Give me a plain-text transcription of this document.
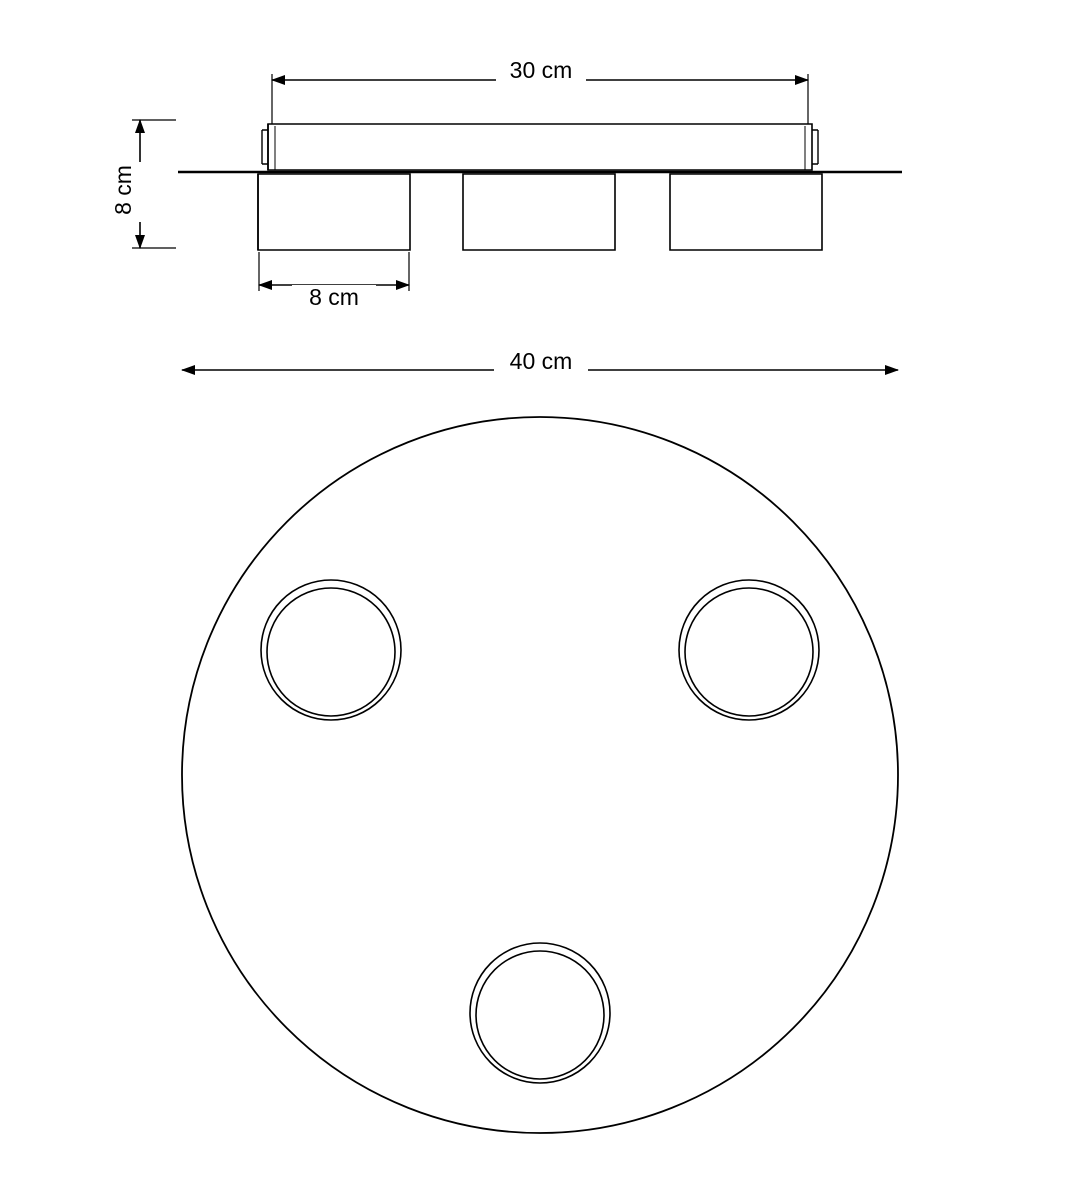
30 cm
8 cm
8 cm
40 cm
